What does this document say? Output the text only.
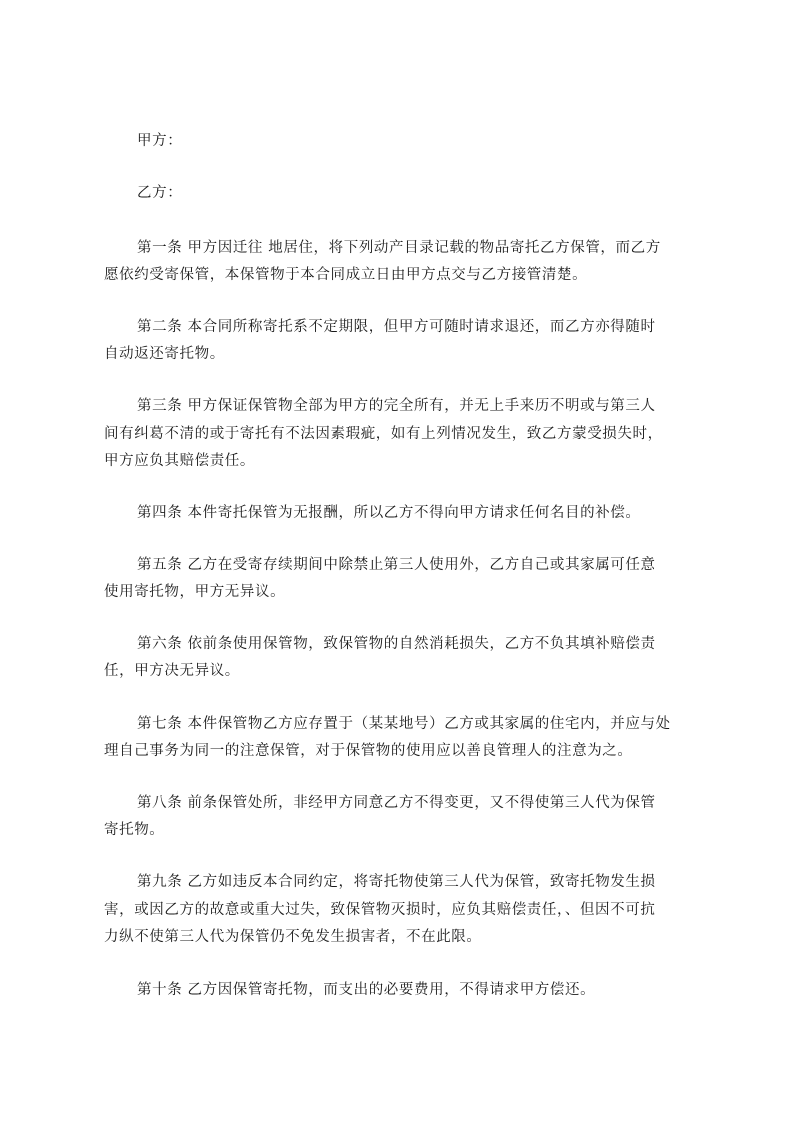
甲方：
乙方：
第一条 甲方因迁往 地居住，将下列动产目录记载的物品寄托乙方保管，而乙方
愿依约受寄保管，本保管物于本合同成立日由甲方点交与乙方接管清楚。
第二条 本合同所称寄托系不定期限，但甲方可随时请求退还，而乙方亦得随时
自动返还寄托物。
第三条 甲方保证保管物全部为甲方的完全所有，并无上手来历不明或与第三人
间有纠葛不清的或于寄托有不法因素瑕疵，如有上列情况发生，致乙方蒙受损失时，
甲方应负其赔偿责任。
第四条 本件寄托保管为无报酬，所以乙方不得向甲方请求任何名目的补偿。
第五条 乙方在受寄存续期间中除禁止第三人使用外，乙方自己或其家属可任意
使用寄托物，甲方无异议。
第六条 依前条使用保管物，致保管物的自然消耗损失，乙方不负其填补赔偿责
任，甲方决无异议。
第七条 本件保管物乙方应存置于（某某地号）乙方或其家属的住宅内，并应与处
理自己事务为同一的注意保管，对于保管物的使用应以善良管理人的注意为之。
第八条 前条保管处所，非经甲方同意乙方不得变更，又不得使第三人代为保管
寄托物。
第九条 乙方如违反本合同约定，将寄托物使第三人代为保管，致寄托物发生损
害，或因乙方的故意或重大过失，致保管物灭损时，应负其赔偿责任，、但因不可抗
力纵不使第三人代为保管仍不免发生损害者，不在此限。
第十条 乙方因保管寄托物，而支出的必要费用，不得请求甲方偿还。
